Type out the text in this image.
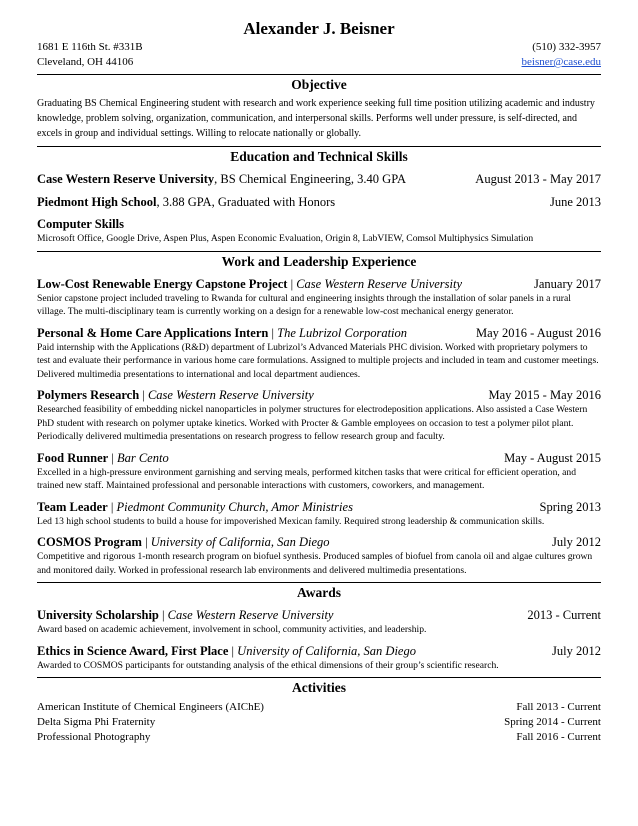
Alexander J. Beisner
1681 E 116th St. #331B	(510) 332-3957
Cleveland, OH 44106	beisner@case.edu
Objective
Graduating BS Chemical Engineering student with research and work experience seeking full time position utilizing academic and industry knowledge, problem solving, organization, communication, and interpersonal skills. Performs well under pressure, is self-directed, and excels in group and individual settings. Willing to relocate nationally or globally.
Education and Technical Skills
Case Western Reserve University, BS Chemical Engineering, 3.40 GPA	August 2013 - May 2017
Piedmont High School, 3.88 GPA, Graduated with Honors	June 2013
Computer Skills
Microsoft Office, Google Drive, Aspen Plus, Aspen Economic Evaluation, Origin 8, LabVIEW, Comsol Multiphysics Simulation
Work and Leadership Experience
Low-Cost Renewable Energy Capstone Project | Case Western Reserve University	January 2017
Senior capstone project included traveling to Rwanda for cultural and engineering insights through the installation of solar panels in a rural village. The multi-disciplinary team is currently working on a design for a renewable low-cost mechanical energy generator.
Personal & Home Care Applications Intern | The Lubrizol Corporation	May 2016 - August 2016
Paid internship with the Applications (R&D) department of Lubrizol’s Advanced Materials PHC division. Worked with proprietary polymers to test and evaluate their performance in various home care formulations. Assigned to multiple projects and included in team and customer meetings. Delivered multimedia presentations to international and local department audiences.
Polymers Research | Case Western Reserve University	May 2015 - May 2016
Researched feasibility of embedding nickel nanoparticles in polymer structures for electrodeposition applications. Also assisted a Case Western PhD student with research on polymer uptake kinetics. Worked with Procter & Gamble employees on occasion to test a polymer pilot plant. Periodically delivered multimedia presentations on research progress to fellow research group and faculty.
Food Runner | Bar Cento	May - August 2015
Excelled in a high-pressure environment garnishing and serving meals, performed kitchen tasks that were critical for efficient operation, and trained new staff. Maintained professional and personable interactions with customers, coworkers, and management.
Team Leader | Piedmont Community Church, Amor Ministries	Spring 2013
Led 13 high school students to build a house for impoverished Mexican family. Required strong leadership & communication skills.
COSMOS Program | University of California, San Diego	July 2012
Competitive and rigorous 1-month research program on biofuel synthesis. Produced samples of biofuel from canola oil and algae cultures grown and monitored daily. Worked in professional research lab environments and delivered multimedia presentations.
Awards
University Scholarship | Case Western Reserve University	2013 - Current
Award based on academic achievement, involvement in school, community activities, and leadership.
Ethics in Science Award, First Place | University of California, San Diego	July 2012
Awarded to COSMOS participants for outstanding analysis of the ethical dimensions of their group’s scientific research.
Activities
American Institute of Chemical Engineers (AIChE)	Fall 2013 - Current
Delta Sigma Phi Fraternity	Spring 2014 - Current
Professional Photography	Fall 2016 - Current
